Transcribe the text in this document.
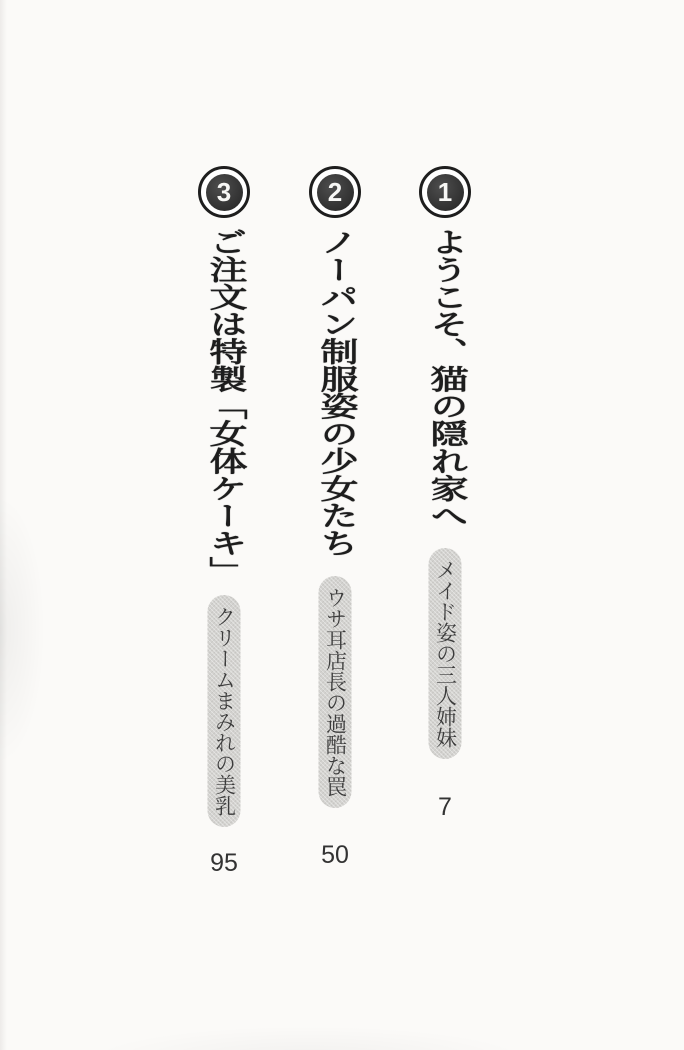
1
ようこそ、猫の隠れ家へ
メイド姿の三人姉妹
7
2
ノーパン制服姿の少女たち
ウサ耳店長の過酷な罠
50
3
ご注文は特製「女体ケーキ」
クリームまみれの美乳
95
